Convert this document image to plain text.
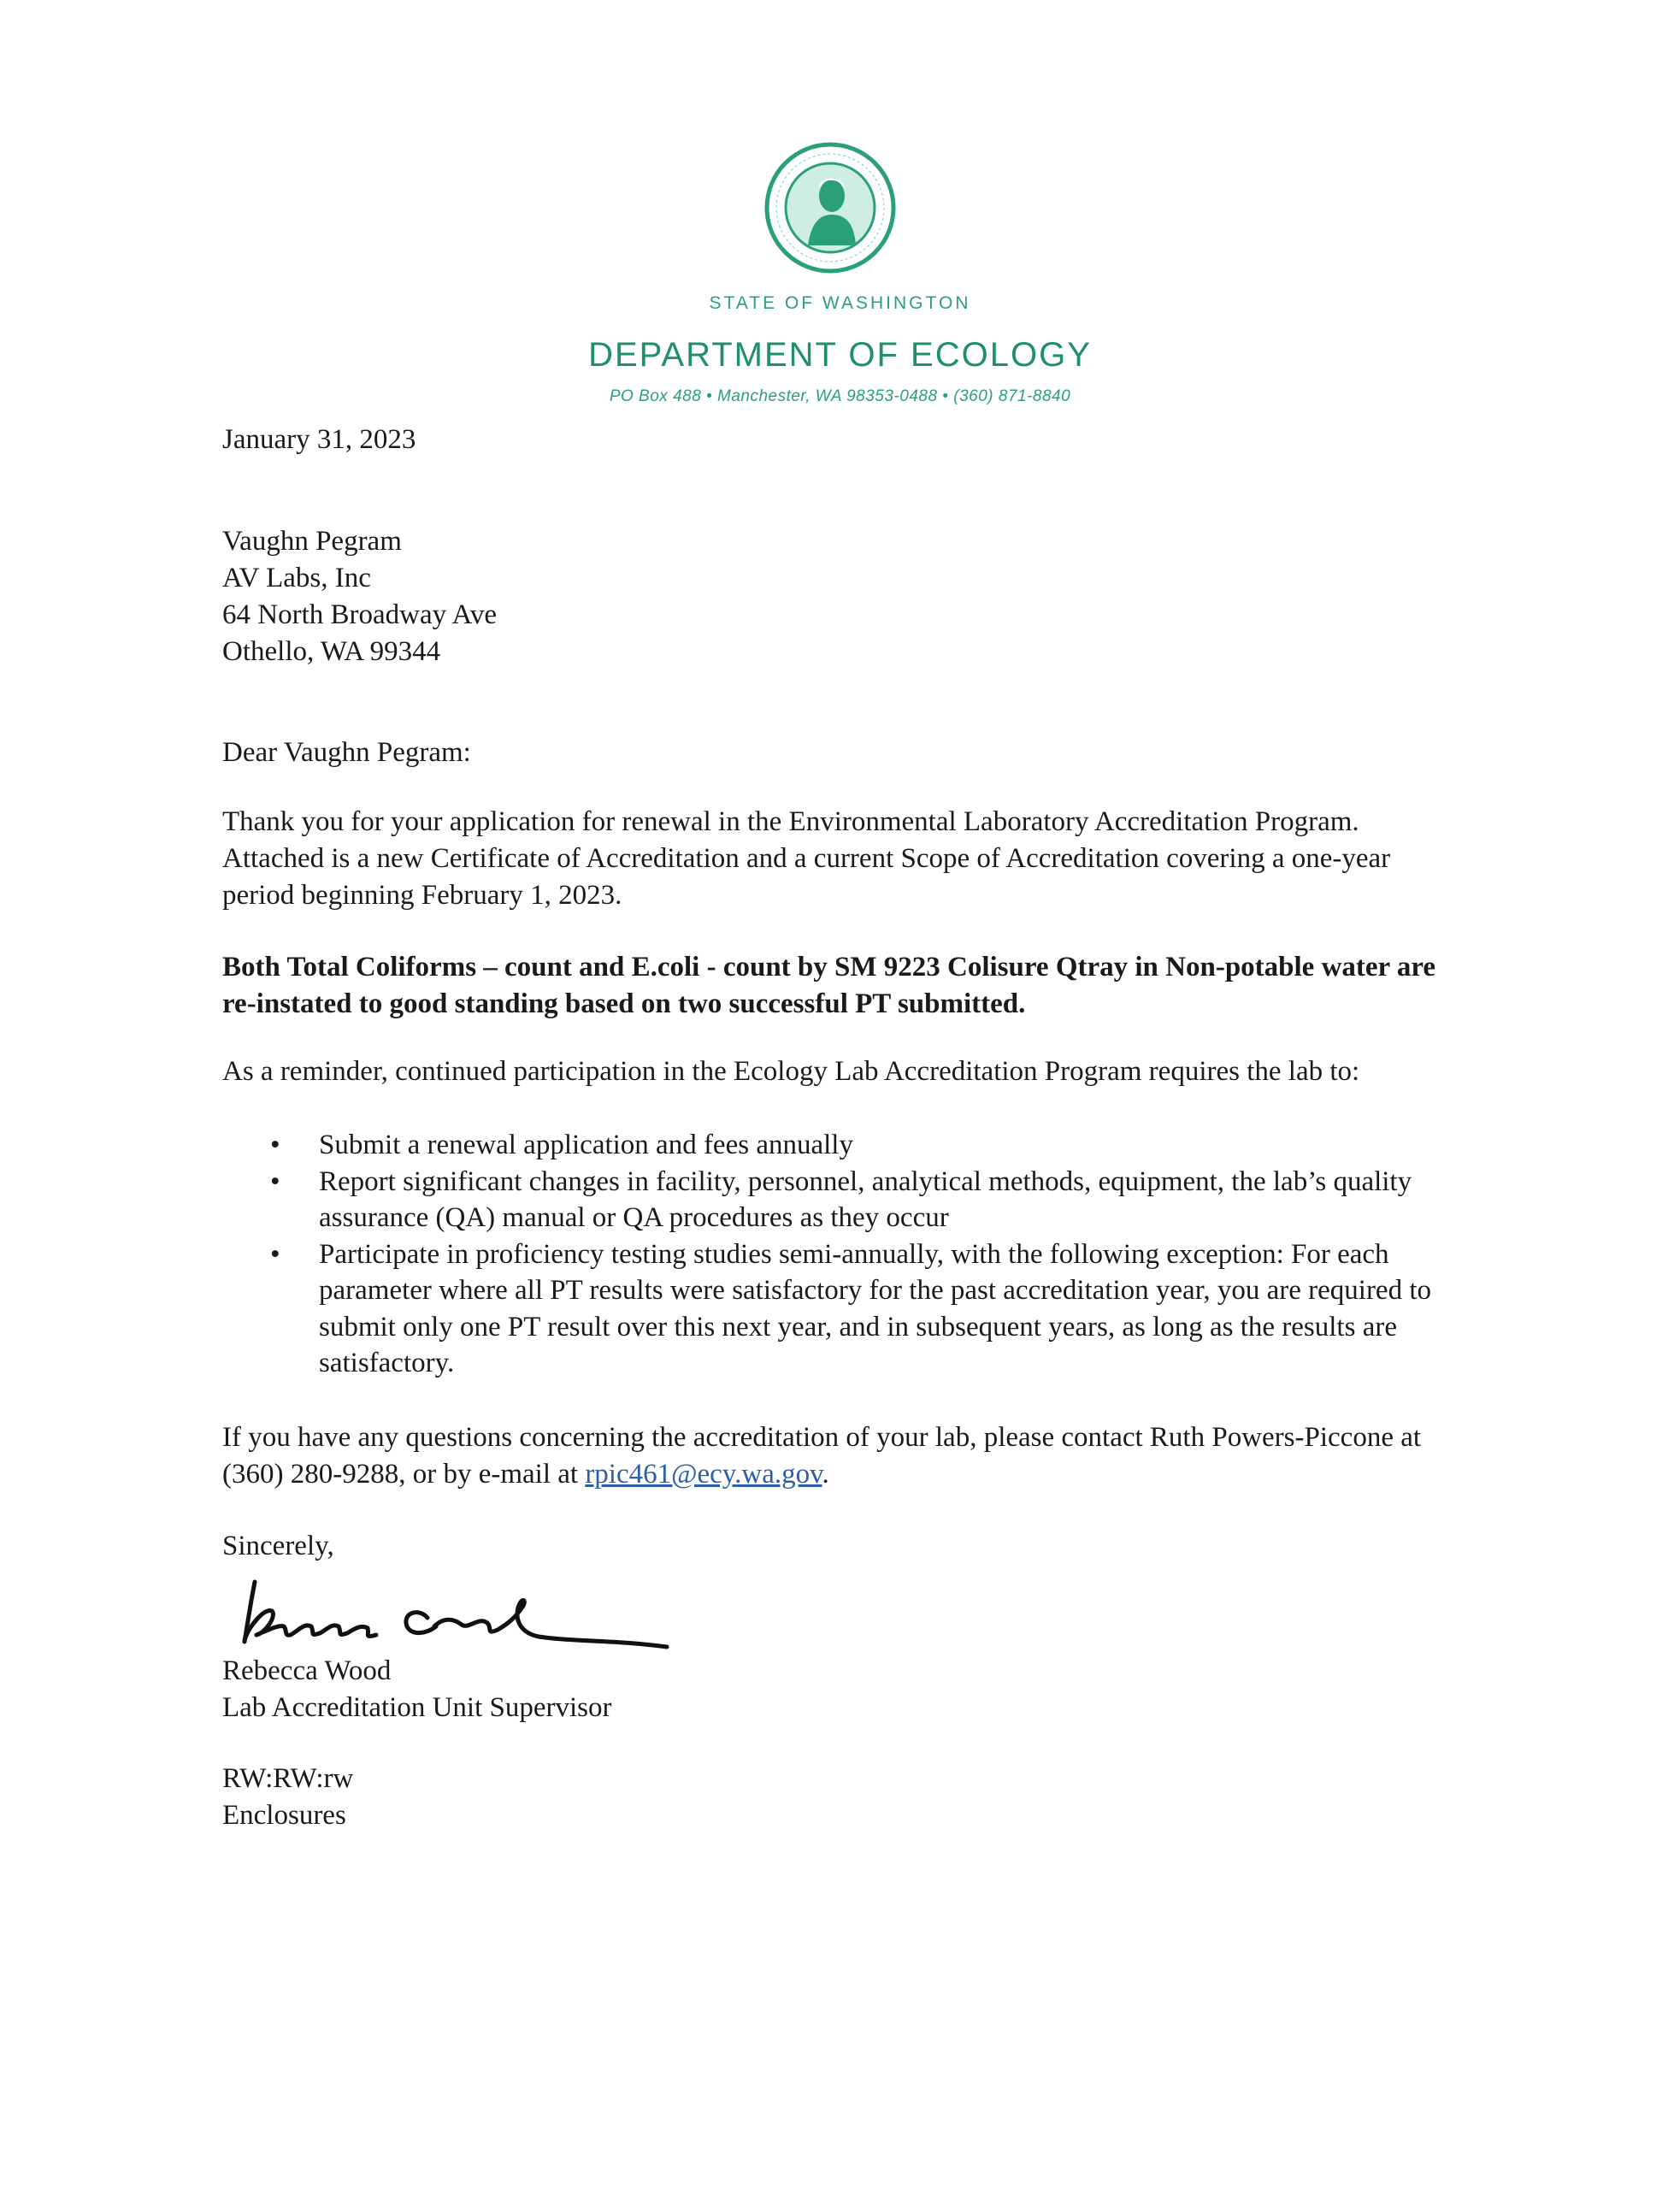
STATE OF WASHINGTON
DEPARTMENT OF ECOLOGY
PO Box 488 • Manchester, WA 98353-0488 • (360) 871-8840
January 31, 2023
Vaughn Pegram
AV Labs, Inc
64 North Broadway Ave
Othello, WA 99344
Dear Vaughn Pegram:
Thank you for your application for renewal in the Environmental Laboratory Accreditation Program. Attached is a new Certificate of Accreditation and a current Scope of Accreditation covering a one-year period beginning February 1, 2023.
Both Total Coliforms – count and E.coli - count by SM 9223 Colisure Qtray in Non-potable water are re-instated to good standing based on two successful PT submitted.
As a reminder, continued participation in the Ecology Lab Accreditation Program requires the lab to:
• Submit a renewal application and fees annually
• Report significant changes in facility, personnel, analytical methods, equipment, the lab’s quality assurance (QA) manual or QA procedures as they occur
• Participate in proficiency testing studies semi-annually, with the following exception: For each parameter where all PT results were satisfactory for the past accreditation year, you are required to submit only one PT result over this next year, and in subsequent years, as long as the results are satisfactory.
If you have any questions concerning the accreditation of your lab, please contact Ruth Powers-Piccone at (360) 280-9288, or by e-mail at rpic461@ecy.wa.gov.
Sincerely,
Rebecca Wood
Lab Accreditation Unit Supervisor
RW:RW:rw
Enclosures
